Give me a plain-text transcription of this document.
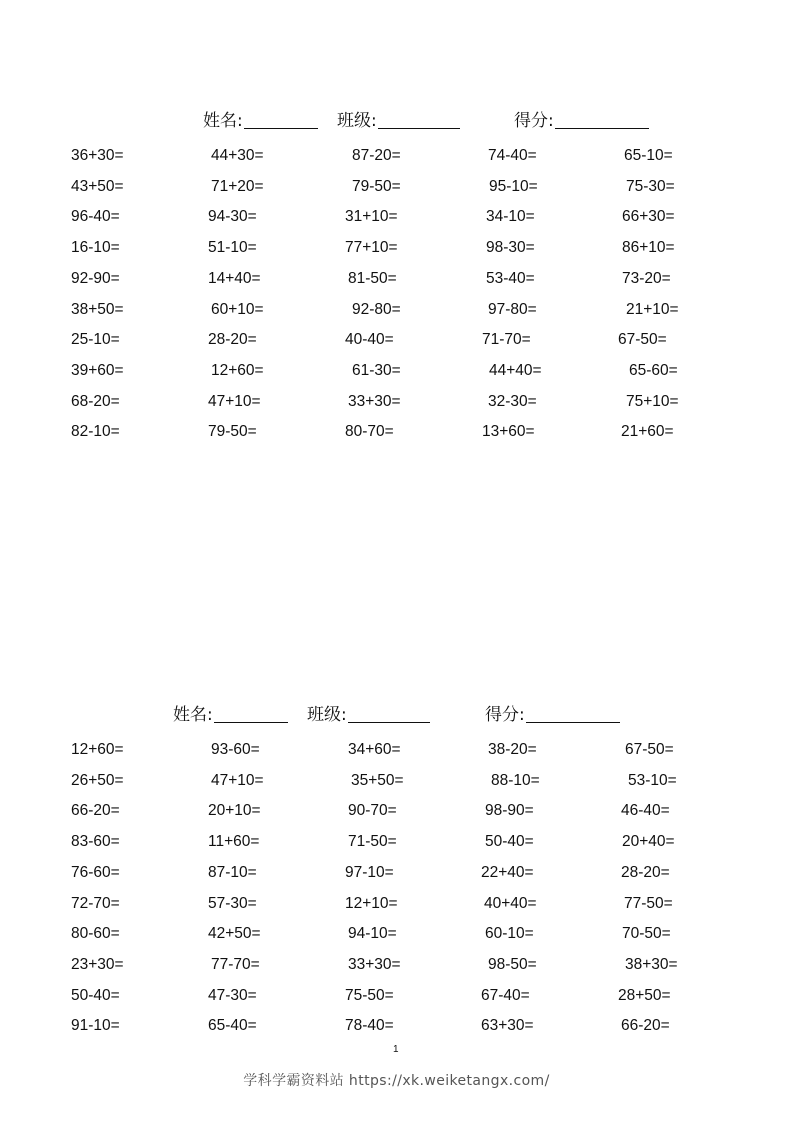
姓名:	班级:	得分:
36+30=	44+30=	87-20=	74-40=	65-10=
43+50=	71+20=	79-50=	95-10=	75-30=
96-40=	94-30=	31+10=	34-10=	66+30=
16-10=	51-10=	77+10=	98-30=	86+10=
92-90=	14+40=	81-50=	53-40=	73-20=
38+50=	60+10=	92-80=	97-80=	21+10=
25-10=	28-20=	40-40=	71-70=	67-50=
39+60=	12+60=	61-30=	44+40=	65-60=
68-20=	47+10=	33+30=	32-30=	75+10=
82-10=	79-50=	80-70=	13+60=	21+60=
姓名:	班级:	得分:
12+60=	93-60=	34+60=	38-20=	67-50=
26+50=	47+10=	35+50=	88-10=	53-10=
66-20=	20+10=	90-70=	98-90=	46-40=
83-60=	11+60=	71-50=	50-40=	20+40=
76-60=	87-10=	97-10=	22+40=	28-20=
72-70=	57-30=	12+10=	40+40=	77-50=
80-60=	42+50=	94-10=	60-10=	70-50=
23+30=	77-70=	33+30=	98-50=	38+30=
50-40=	47-30=	75-50=	67-40=	28+50=
91-10=	65-40=	78-40=	63+30=	66-20=
1
学科学霸资料站 https://xk.weiketangx.com/
